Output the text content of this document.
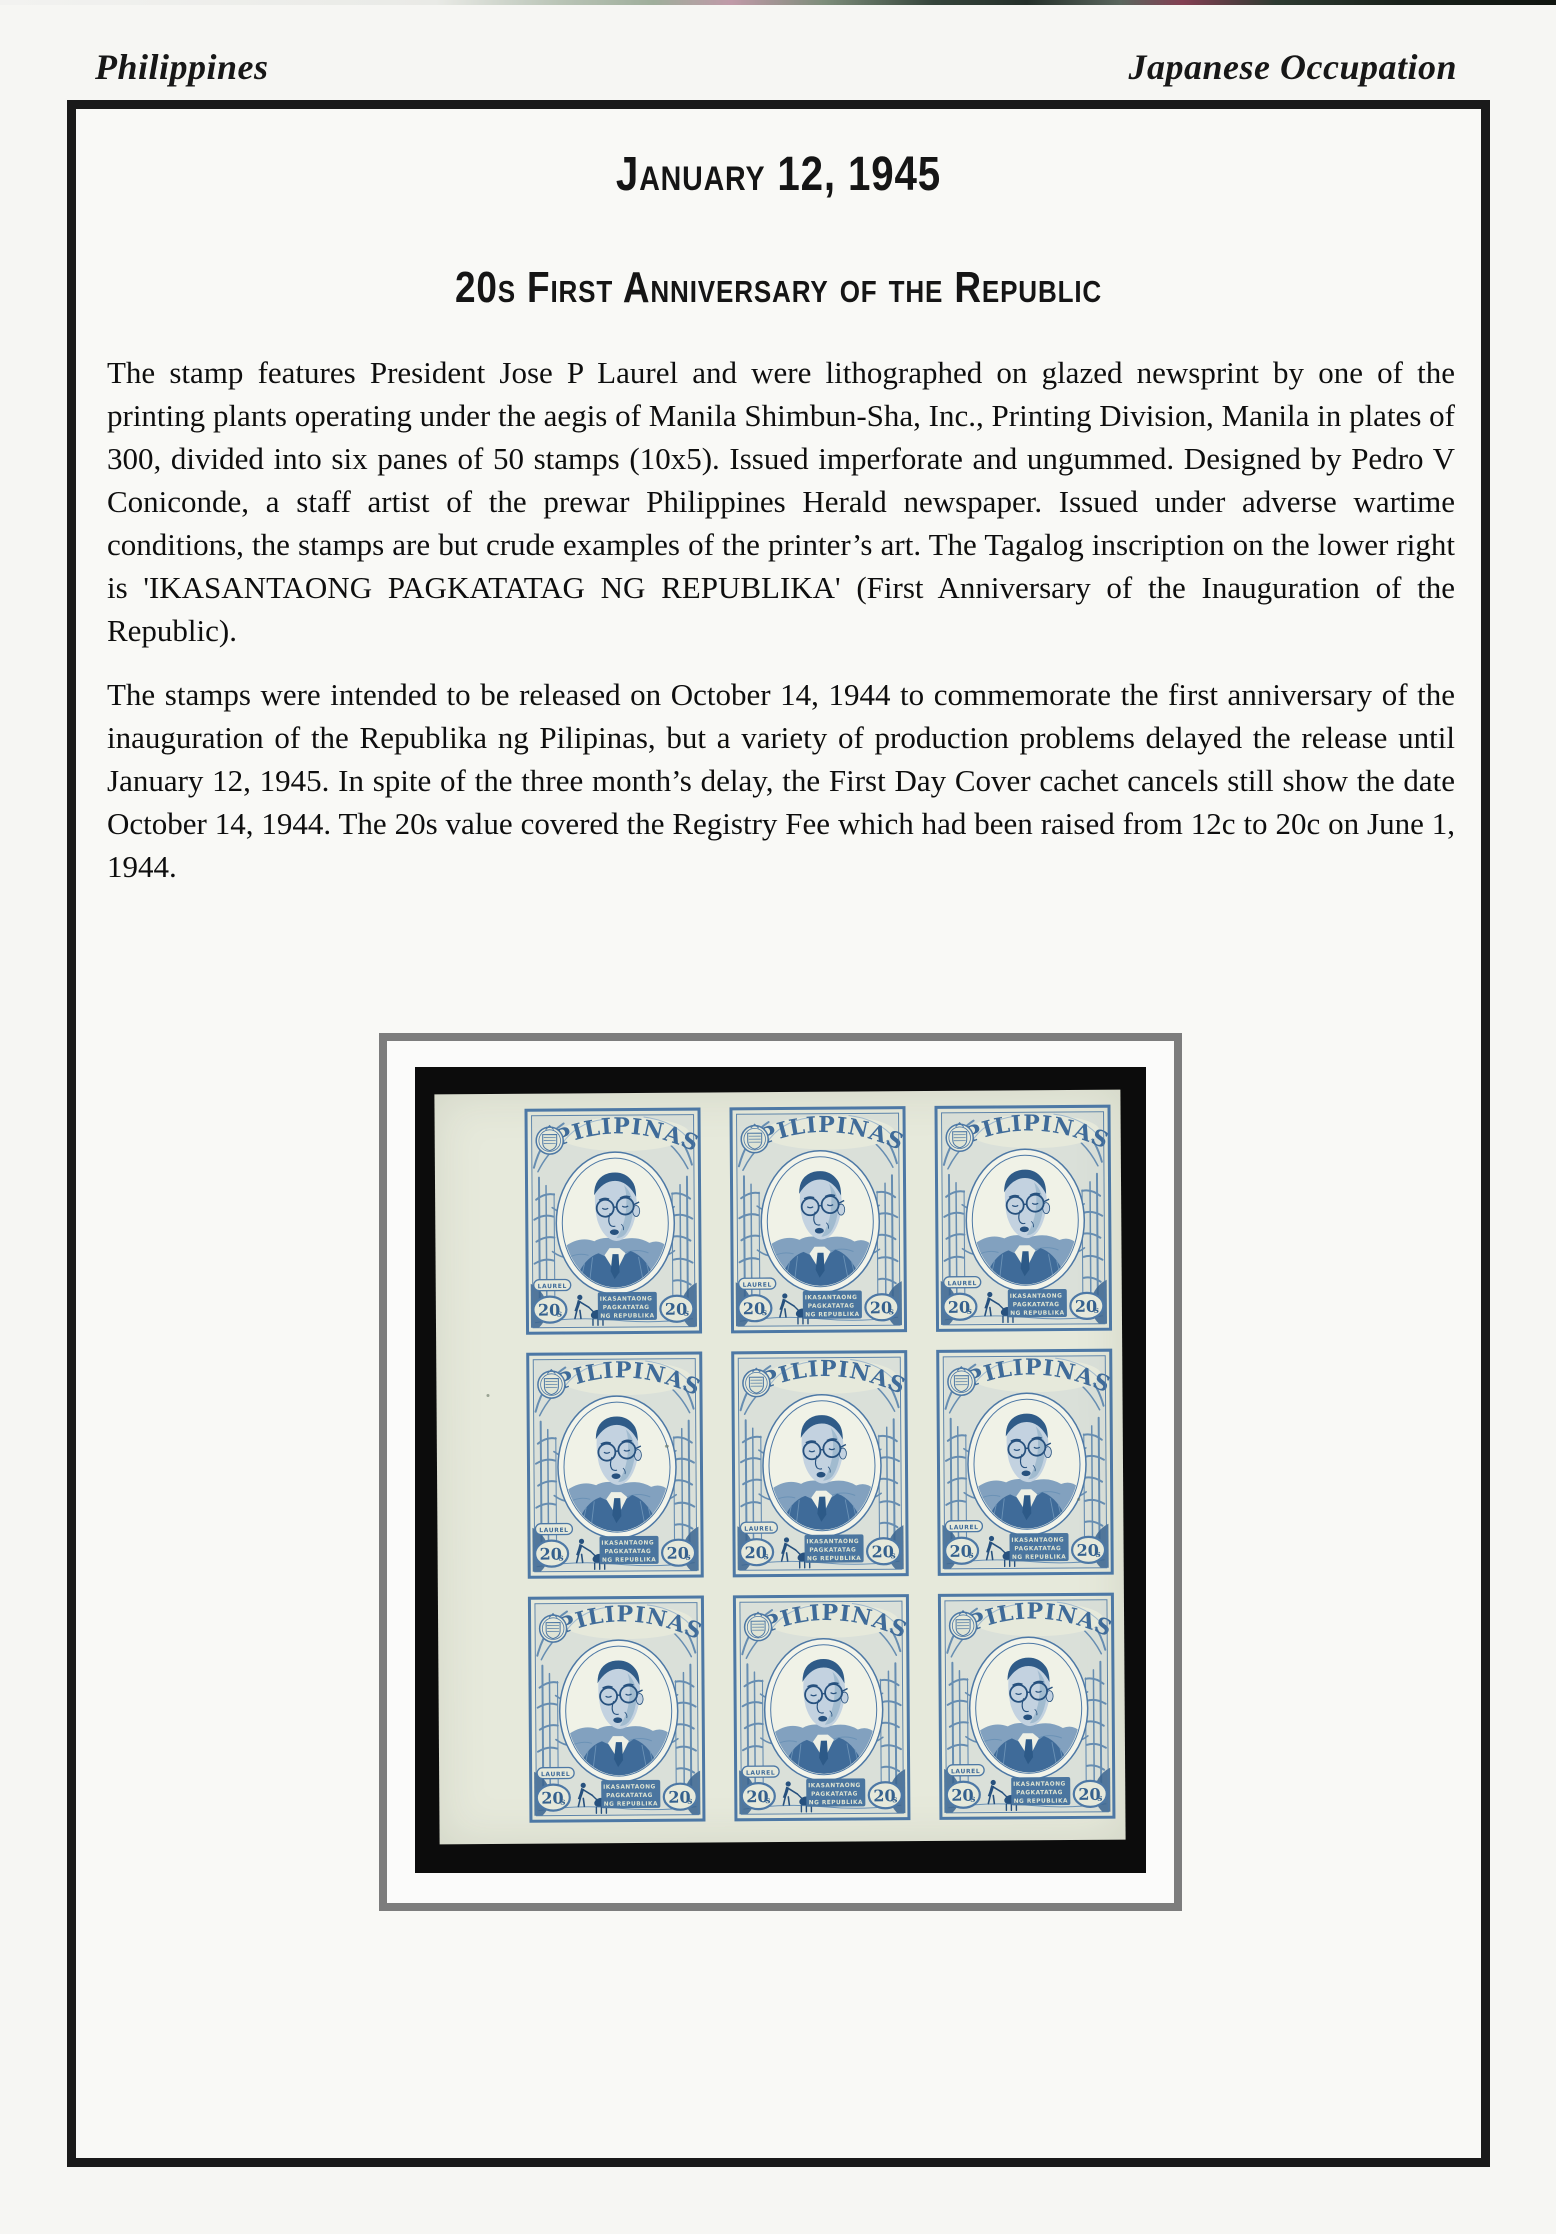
Philippines	Japanese Occupation
January 12, 1945
20s First Anniversary of the Republic

The stamp features President Jose P Laurel and were lithographed on glazed newsprint by one of the printing plants operating under the aegis of Manila Shimbun-Sha, Inc., Printing Division, Manila in plates of 300, divided into six panes of 50 stamps (10x5). Issued imperforate and ungummed. Designed by Pedro V Coniconde, a staff artist of the prewar Philippines Herald newspaper. Issued under adverse wartime conditions, the stamps are but crude examples of the printer’s art. The Tagalog inscription on the lower right is 'IKASANTAONG PAGKATATAG NG REPUBLIKA' (First Anniversary of the Inauguration of the Republic).

The stamps were intended to be released on October 14, 1944 to commemorate the first anniversary of the inauguration of the Republika ng Pilipinas, but a variety of production problems delayed the release until January 12, 1945. In spite of the three month’s delay, the First Day Cover cachet cancels still show the date October 14, 1944. The 20s value covered the Registry Fee which had been raised from 12c to 20c on June 1, 1944.
